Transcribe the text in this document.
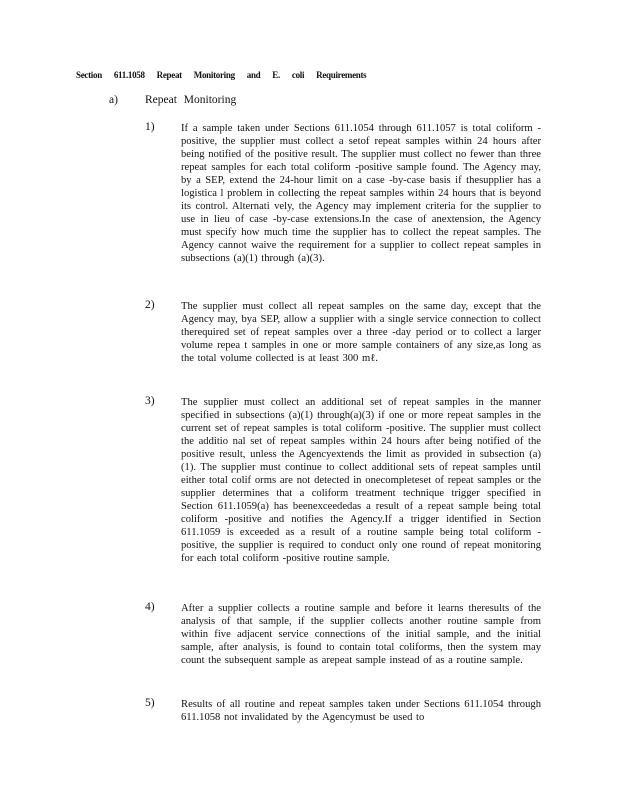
Section 611.1058 Repeat Monitoring and E. coli Requirements
a) Repeat Monitoring
1) If a sample taken under Sections 611.1054 through 611.1057 is total coliform -positive, the supplier must collect a setof repeat samples within 24 hours after being notified of the positive result. The supplier must collect no fewer than three repeat samples for each total coliform -positive sample found. The Agency may, by a SEP, extend the 24-hour limit on a case -by-case basis if thesupplier has a logistica l problem in collecting the repeat samples within 24 hours that is beyond its control. Alternati vely, the Agency may implement criteria for the supplier to use in lieu of case -by-case extensions.In the case of anextension, the Agency must specify how much time the supplier has to collect the repeat samples. The Agency cannot waive the requirement for a supplier to collect repeat samples in subsections (a)(1) through (a)(3).
2) The supplier must collect all repeat samples on the same day, except that the Agency may, bya SEP, allow a supplier with a single service connection to collect therequired set of repeat samples over a three -day period or to collect a larger volume repea t samples in one or more sample containers of any size,as long as the total volume collected is at least 300 mℓ.
3) The supplier must collect an additional set of repeat samples in the manner specified in subsections (a)(1) through(a)(3) if one or more repeat samples in the current set of repeat samples is total coliform -positive. The supplier must collect the additio nal set of repeat samples within 24 hours after being notified of the positive result, unless the Agencyextends the limit as provided in subsection (a)(1). The supplier must continue to collect additional sets of repeat samples until either total colif orms are not detected in onecompleteset of repeat samples or the supplier determines that a coliform treatment technique trigger specified in Section 611.1059(a) has beenexceededas a result of a repeat sample being total coliform -positive and notifies the Agency.If a trigger identified in Section 611.1059 is exceeded as a result of a routine sample being total coliform -positive, the supplier is required to conduct only one round of repeat monitoring for each total coliform -positive routine sample.
4) After a supplier collects a routine sample and before it learns theresults of the analysis of that sample, if the supplier collects another routine sample from within five adjacent service connections of the initial sample, and the initial sample, after analysis, is found to contain total coliforms, then the system may count the subsequent sample as arepeat sample instead of as a routine sample.
5) Results of all routine and repeat samples taken under Sections 611.1054 through 611.1058 not invalidated by the Agencymust be used to
